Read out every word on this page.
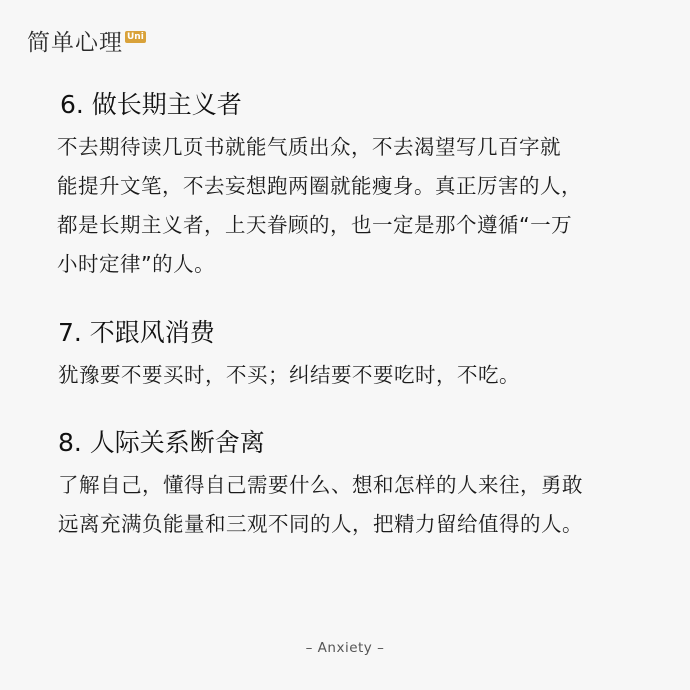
简单心理 Uni
6. 做长期主义者
不去期待读几页书就能气质出众，不去渴望写几百字就
能提升文笔，不去妄想跑两圈就能瘦身。真正厉害的人，
都是长期主义者，上天眷顾的，也一定是那个遵循“一万
小时定律”的人。
7. 不跟风消费
犹豫要不要买时，不买；纠结要不要吃时，不吃。
8. 人际关系断舍离
了解自己，懂得自己需要什么、想和怎样的人来往，勇敢
远离充满负能量和三观不同的人，把精力留给值得的人。
– Anxiety –
